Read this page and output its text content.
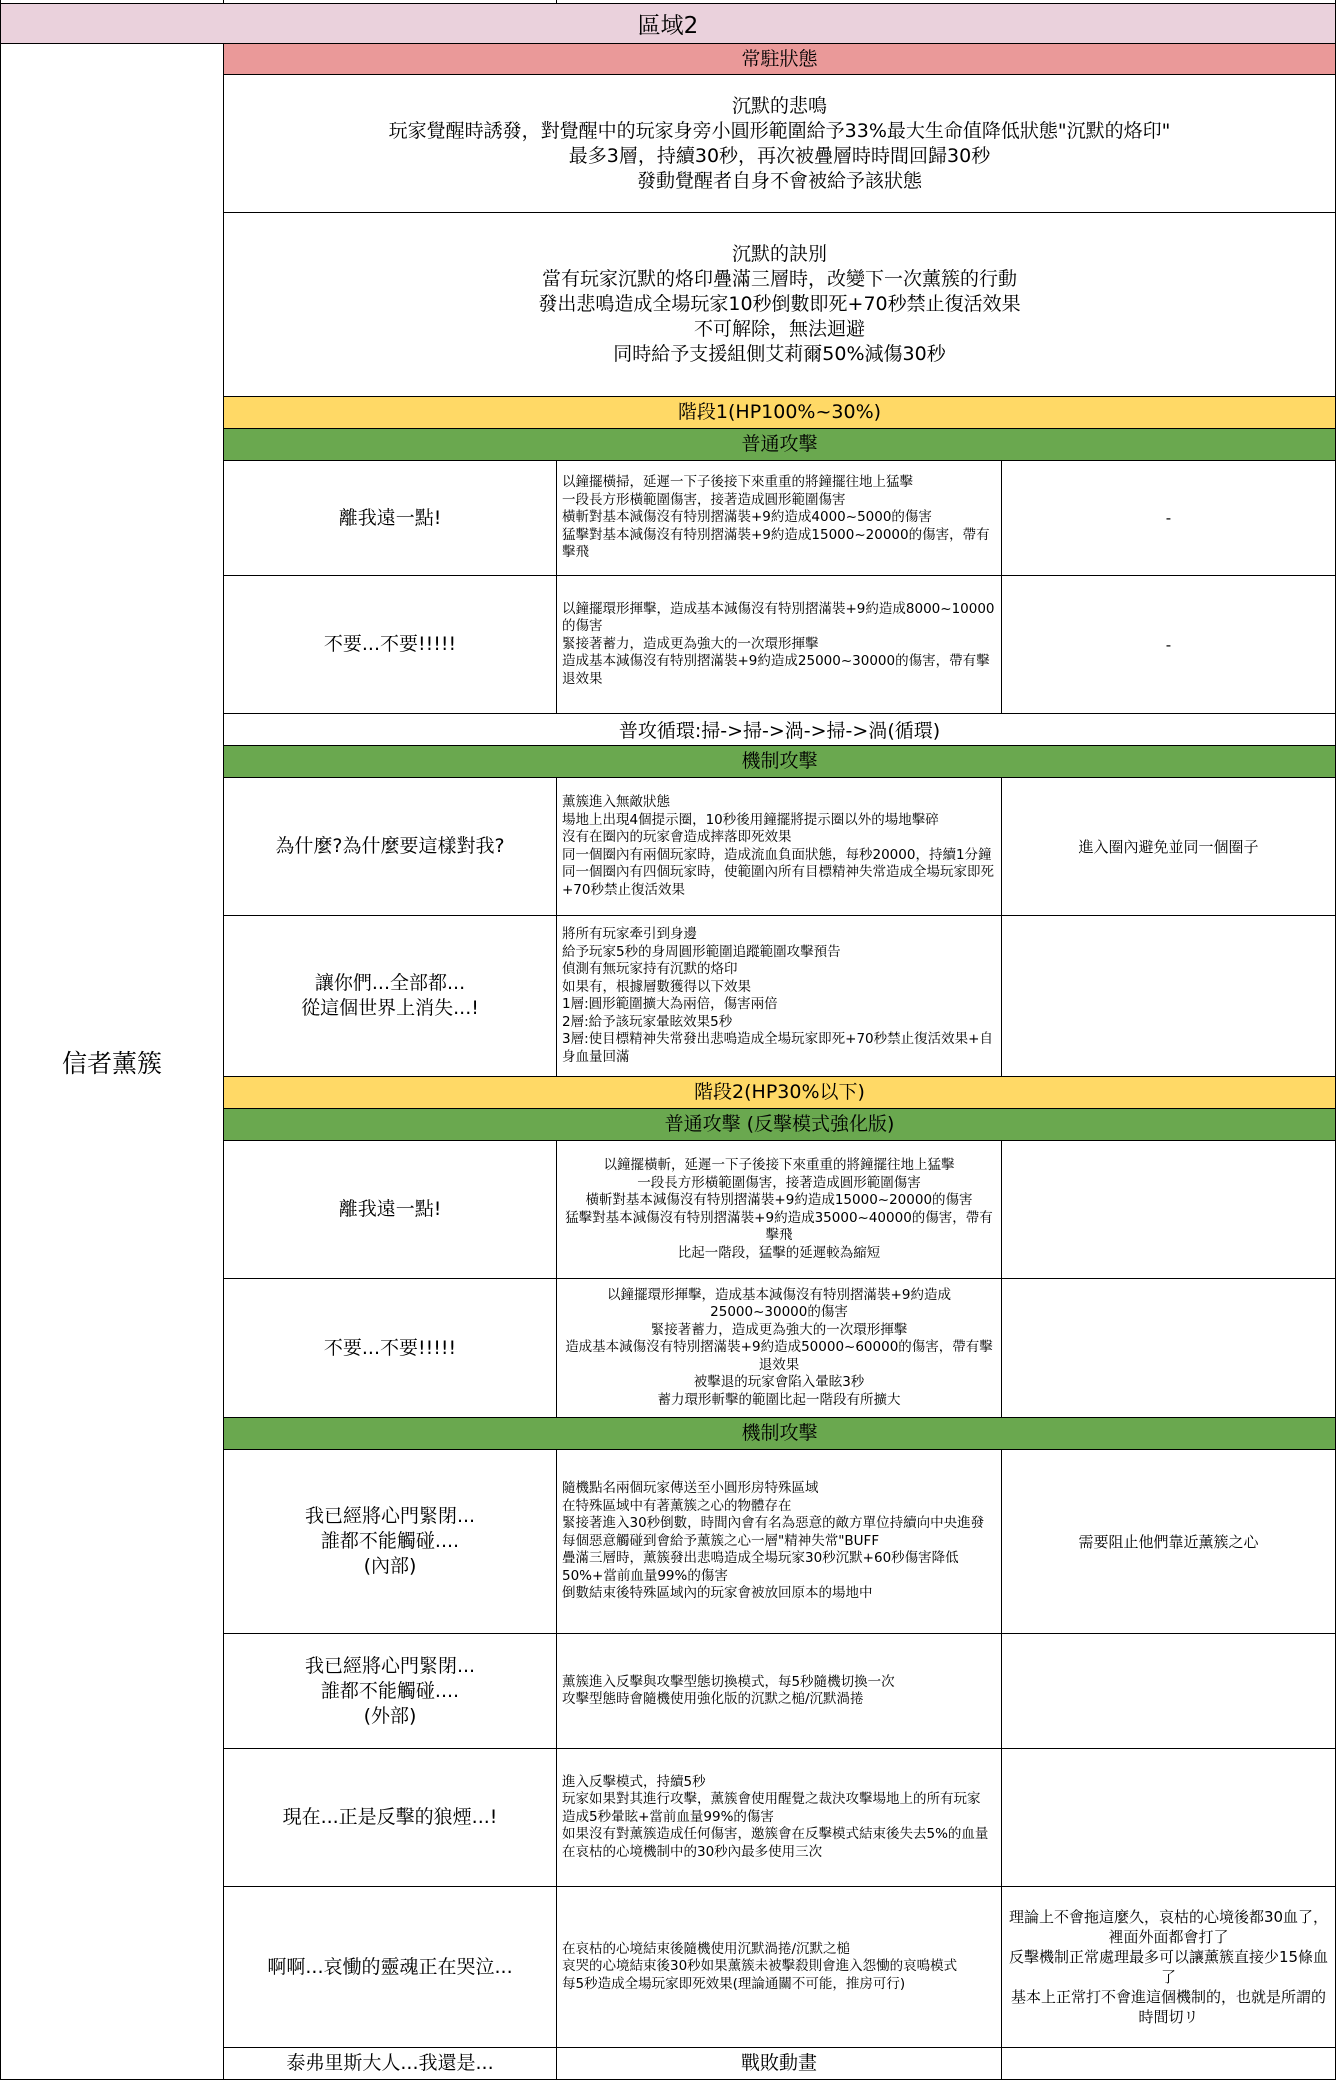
區域2
信者薰簇
常駐狀態
沉默的悲鳴
玩家覺醒時誘發，對覺醒中的玩家身旁小圓形範圍給予33%最大生命值降低狀態"沉默的烙印"
最多3層，持續30秒，再次被疊層時時間回歸30秒
發動覺醒者自身不會被給予該狀態
沉默的訣別
當有玩家沉默的烙印疊滿三層時，改變下一次薰簇的行動
發出悲鳴造成全場玩家10秒倒數即死+70秒禁止復活效果
不可解除，無法迴避
同時給予支援組側艾莉爾50%減傷30秒
階段1(HP100%~30%)
普通攻擊
離我遠一點!
以鐘擺橫掃，延遲一下子後接下來重重的將鐘擺往地上猛擊
一段長方形橫範圍傷害，接著造成圓形範圍傷害
橫斬對基本減傷沒有特別摺滿裝+9約造成4000~5000的傷害
猛擊對基本減傷沒有特別摺滿裝+9約造成15000~20000的傷害，帶有擊飛
-
不要...不要!!!!!
以鐘擺環形揮擊，造成基本減傷沒有特別摺滿裝+9約造成8000~10000的傷害
緊接著蓄力，造成更為強大的一次環形揮擊
造成基本減傷沒有特別摺滿裝+9約造成25000~30000的傷害，帶有擊退效果
-
普攻循環:掃->掃->渦->掃->渦(循環)
機制攻擊
為什麼?為什麼要這樣對我?
薰簇進入無敵狀態
場地上出現4個提示圈，10秒後用鐘擺將提示圈以外的場地擊碎
沒有在圈內的玩家會造成摔落即死效果
同一個圈內有兩個玩家時，造成流血負面狀態，每秒20000，持續1分鐘
同一個圈內有四個玩家時，使範圍內所有目標精神失常造成全場玩家即死+70秒禁止復活效果
進入圈內避免並同一個圈子
讓你們...全部都...
從這個世界上消失...!
將所有玩家牽引到身邊
給予玩家5秒的身周圓形範圍追蹤範圍攻擊預告
偵測有無玩家持有沉默的烙印
如果有，根據層數獲得以下效果
1層:圓形範圍擴大為兩倍，傷害兩倍
2層:給予該玩家暈眩效果5秒
3層:使目標精神失常發出悲鳴造成全場玩家即死+70秒禁止復活效果+自身血量回滿
階段2(HP30%以下)
普通攻擊 (反擊模式強化版)
離我遠一點!
以鐘擺橫斬，延遲一下子後接下來重重的將鐘擺往地上猛擊
一段長方形橫範圍傷害，接著造成圓形範圍傷害
橫斬對基本減傷沒有特別摺滿裝+9約造成15000~20000的傷害
猛擊對基本減傷沒有特別摺滿裝+9約造成35000~40000的傷害，帶有擊飛
比起一階段，猛擊的延遲較為縮短
不要...不要!!!!!
以鐘擺環形揮擊，造成基本減傷沒有特別摺滿裝+9約造成25000~30000的傷害
緊接著蓄力，造成更為強大的一次環形揮擊
造成基本減傷沒有特別摺滿裝+9約造成50000~60000的傷害，帶有擊退效果
被擊退的玩家會陷入暈眩3秒
蓄力環形斬擊的範圍比起一階段有所擴大
機制攻擊
我已經將心門緊閉...
誰都不能觸碰....
(內部)
隨機點名兩個玩家傳送至小圓形房特殊區域
在特殊區域中有著薰簇之心的物體存在
緊接著進入30秒倒數，時間內會有名為惡意的敵方單位持續向中央進發
每個惡意觸碰到會給予薰簇之心一層"精神失常"BUFF
疊滿三層時，薰簇發出悲鳴造成全場玩家30秒沉默+60秒傷害降低50%+當前血量99%的傷害
倒數結束後特殊區域內的玩家會被放回原本的場地中
需要阻止他們靠近薰簇之心
我已經將心門緊閉...
誰都不能觸碰....
(外部)
薰簇進入反擊與攻擊型態切換模式，每5秒隨機切換一次
攻擊型態時會隨機使用強化版的沉默之槌/沉默渦捲
現在...正是反擊的狼煙...!
進入反擊模式，持續5秒
玩家如果對其進行攻擊，薰簇會使用醒覺之裁決攻擊場地上的所有玩家
造成5秒暈眩+當前血量99%的傷害
如果沒有對薰簇造成任何傷害，邀簇會在反擊模式結束後失去5%的血量
在哀枯的心境機制中的30秒內最多使用三次
啊啊...哀慟的靈魂正在哭泣...
在哀枯的心境結束後隨機使用沉默渦捲/沉默之槌
哀哭的心境結束後30秒如果薰簇未被擊殺則會進入怨慟的哀鳴模式
每5秒造成全場玩家即死效果(理論通關不可能，推房可行)
理論上不會拖這麼久，哀枯的心境後都30血了，裡面外面都會打了
反擊機制正常處理最多可以讓薰簇直接少15條血了
基本上正常打不會進這個機制的，也就是所謂的時間切リ
泰弗里斯大人...我還是...	戰敗動畫
